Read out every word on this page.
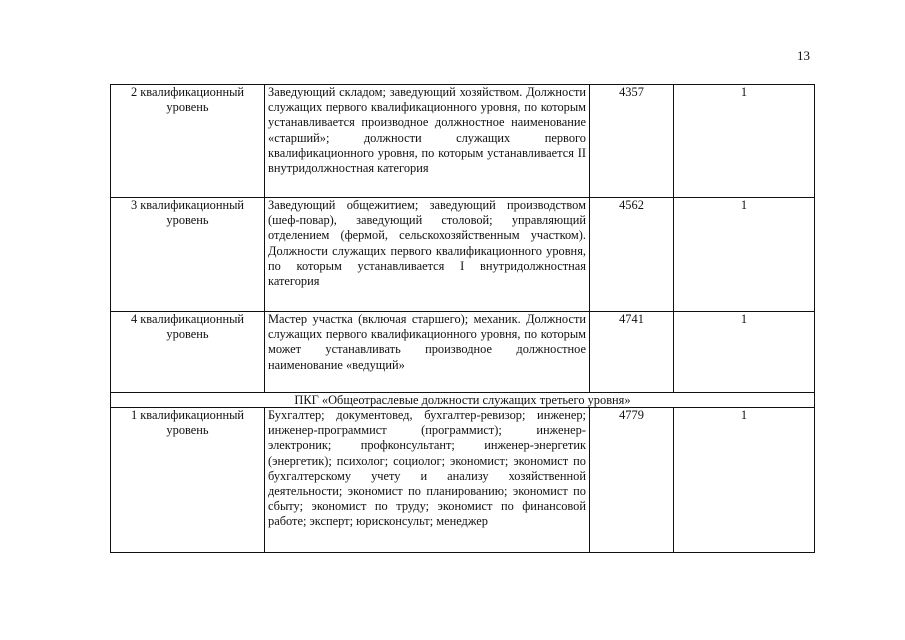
13
2 квалификационный
уровень	Заведующий складом; заведующий хозяйством. Должности служащих первого квалификационного уровня, по которым устанавливается производное должностное наименование «старший»; должности служащих первого квалификационного уровня, по которым устанавливается II внутридолжностная категория	4357	1

3 квалификационный
уровень	Заведующий общежитием; заведующий производством (шеф-повар), заведующий столовой; управляющий отделением (фермой, сельскохозяйственным участком). Должности служащих первого квалификационного уровня, по которым устанавливается I внутридолжностная категория	4562	1

4 квалификационный
уровень	Мастер участка (включая старшего); механик. Должности служащих первого квалификационного уровня, по которым может устанавливать производное должностное наименование «ведущий»	4741	1
ПКГ «Общеотраслевые должности служащих третьего уровня»			

1 квалификационный
уровень	Бухгалтер; документовед, бухгалтер-ревизор; инженер; инженер-программист (программист); инженер-электроник; профконсультант; инженер-энергетик (энергетик); психолог; социолог; экономист; экономист по бухгалтерскому учету и анализу хозяйственной деятельности; экономист по планированию; экономист по сбыту; экономист по труду; экономист по финансовой работе; эксперт; юрисконсульт; менеджер	4779	1
